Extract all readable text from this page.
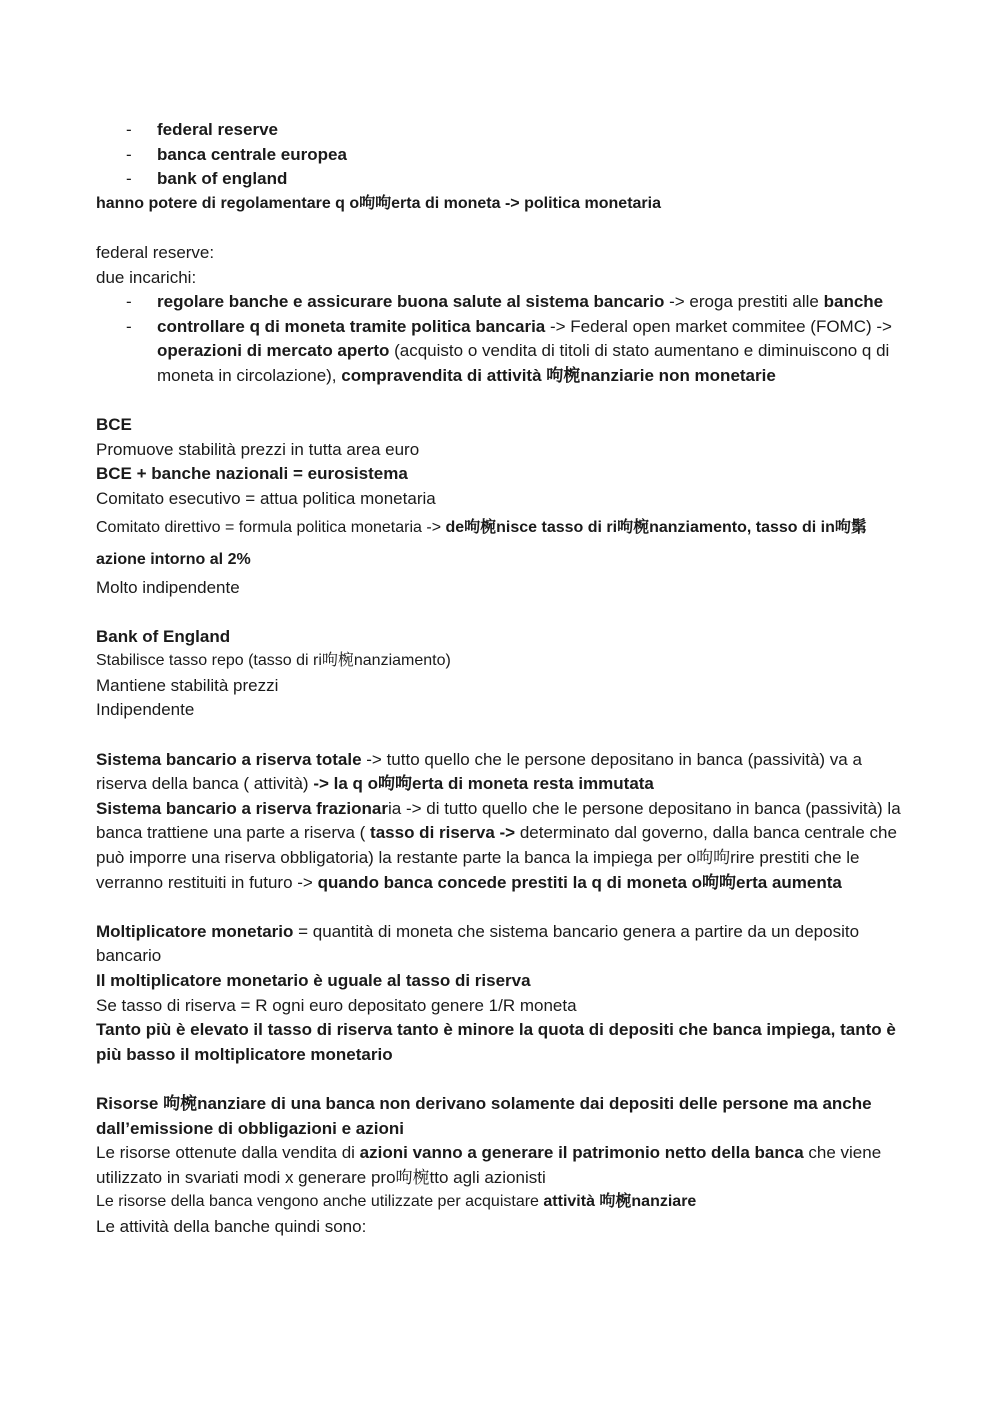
- federal reserve
- banca centrale europea
- bank of england

hanno potere di regolamentare q o呴呴erta di moneta -> politica monetaria

federal reserve:

due incarichi:

- regolare banche e assicurare buona salute al sistema bancario -> eroga prestiti alle banche
- controllare q di moneta tramite politica bancaria -> Federal open market commitee (FOMC) -> operazioni di mercato aperto (acquisto o vendita di titoli di stato aumentano e diminuiscono q di moneta in circolazione), compravendita di attività 呴椀nanziarie non monetarie

BCE

Promuove stabilità prezzi in tutta area euro

BCE + banche nazionali = eurosistema

Comitato esecutivo = attua politica monetaria

Comitato direttivo = formula politica monetaria -> de呴椀nisce tasso di ri呴椀nanziamento, tasso di in呴鬀azione intorno al 2%

Molto indipendente

Bank of England

Stabilisce tasso repo (tasso di ri呴椀nanziamento)

Mantiene stabilità prezzi

Indipendente

Sistema bancario a riserva totale -> tutto quello che le persone depositano in banca (passività) va a riserva della banca ( attività) -> la q o呴呴erta di moneta resta immutata

Sistema bancario a riserva frazionaria -> di tutto quello che le persone depositano in banca (passività) la banca trattiene una parte a riserva ( tasso di riserva -> determinato dal governo, dalla banca centrale che può imporre una riserva obbligatoria) la restante parte la banca la impiega per o呴呴rire prestiti che le verranno restituiti in futuro -> quando banca concede prestiti la q di moneta o呴呴erta aumenta

Moltiplicatore monetario = quantità di moneta che sistema bancario genera a partire da un deposito bancario

Il moltiplicatore monetario è uguale al tasso di riserva

Se tasso di riserva = R ogni euro depositato genere 1/R moneta

Tanto più è elevato il tasso di riserva tanto è minore la quota di depositi che banca impiega, tanto è più basso il moltiplicatore monetario

Risorse 呴椀nanziare di una banca non derivano solamente dai depositi delle persone ma anche dall’emissione di obbligazioni e azioni

Le risorse ottenute dalla vendita di azioni vanno a generare il patrimonio netto della banca che viene utilizzato in svariati modi x generare pro呴椀tto agli azionisti

Le risorse della banca vengono anche utilizzate per acquistare attività 呴椀nanziare

Le attività della banche quindi sono:
